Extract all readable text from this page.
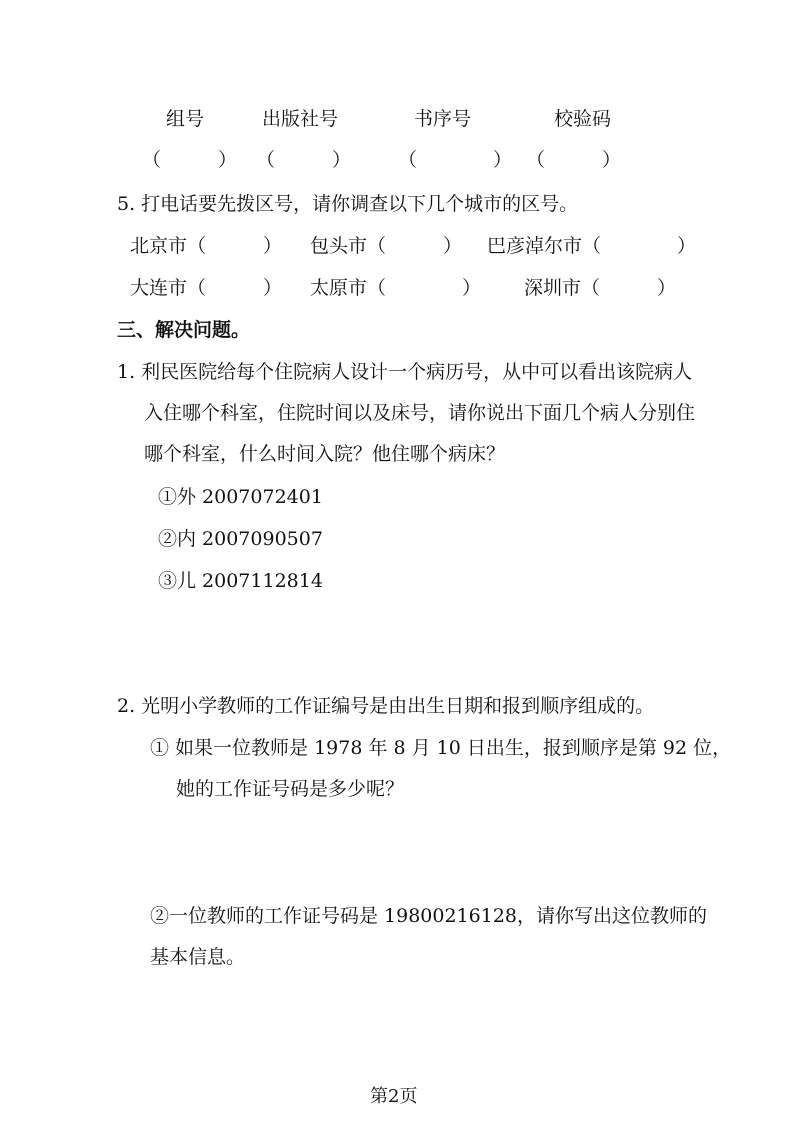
组号	出版社号	书序号	校验码
（　　　） （　　　） （　　　　） （　　　）
5. 打电话要先拨区号，请你调查以下几个城市的区号。
北京市（　　　） 包头市（　　　） 巴彦淖尔市（　　　　）
大连市（　　　） 太原市（　　　　） 深圳市（　　　）
三、解决问题。
1. 利民医院给每个住院病人设计一个病历号，从中可以看出该院病人
入住哪个科室，住院时间以及床号，请你说出下面几个病人分别住
哪个科室，什么时间入院？他住哪个病床？
①外 2007072401
②内 2007090507
③儿 2007112814
2. 光明小学教师的工作证编号是由出生日期和报到顺序组成的。
① 如果一位教师是 1978 年 8 月 10 日出生，报到顺序是第 92 位，
她的工作证号码是多少呢？
②一位教师的工作证号码是 19800216128，请你写出这位教师的
基本信息。
第2页
